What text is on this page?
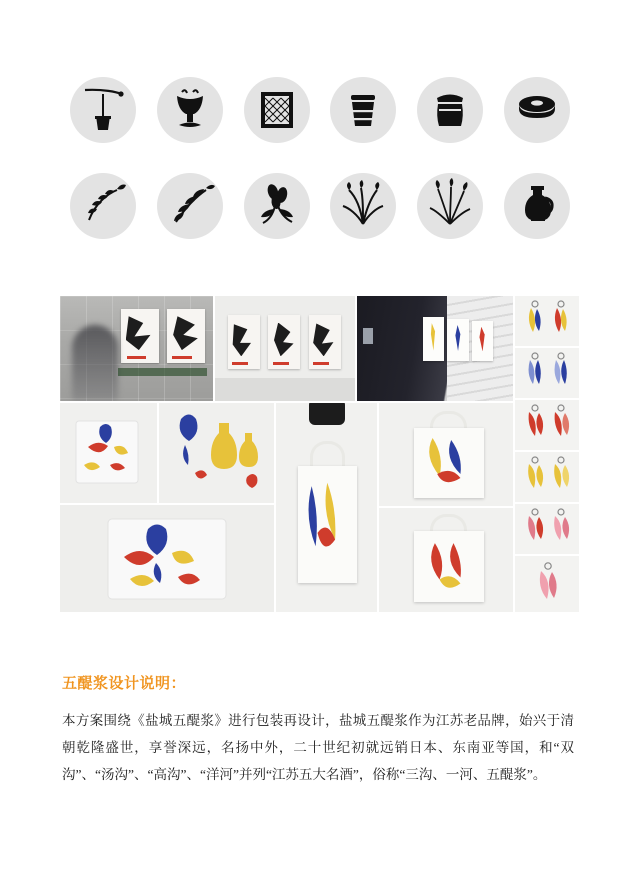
五醍浆设计说明：

本方案围绕《盐城五醍浆》进行包装再设计，盐城五醍浆作为江苏老品牌，始兴于清朝乾隆盛世，享誉深远，名扬中外，二十世纪初就远销日本、东南亚等国，和“双沟”、“汤沟”、“高沟”、“洋河”并列“江苏五大名酒”，俗称“三沟、一河、五醍浆”。
